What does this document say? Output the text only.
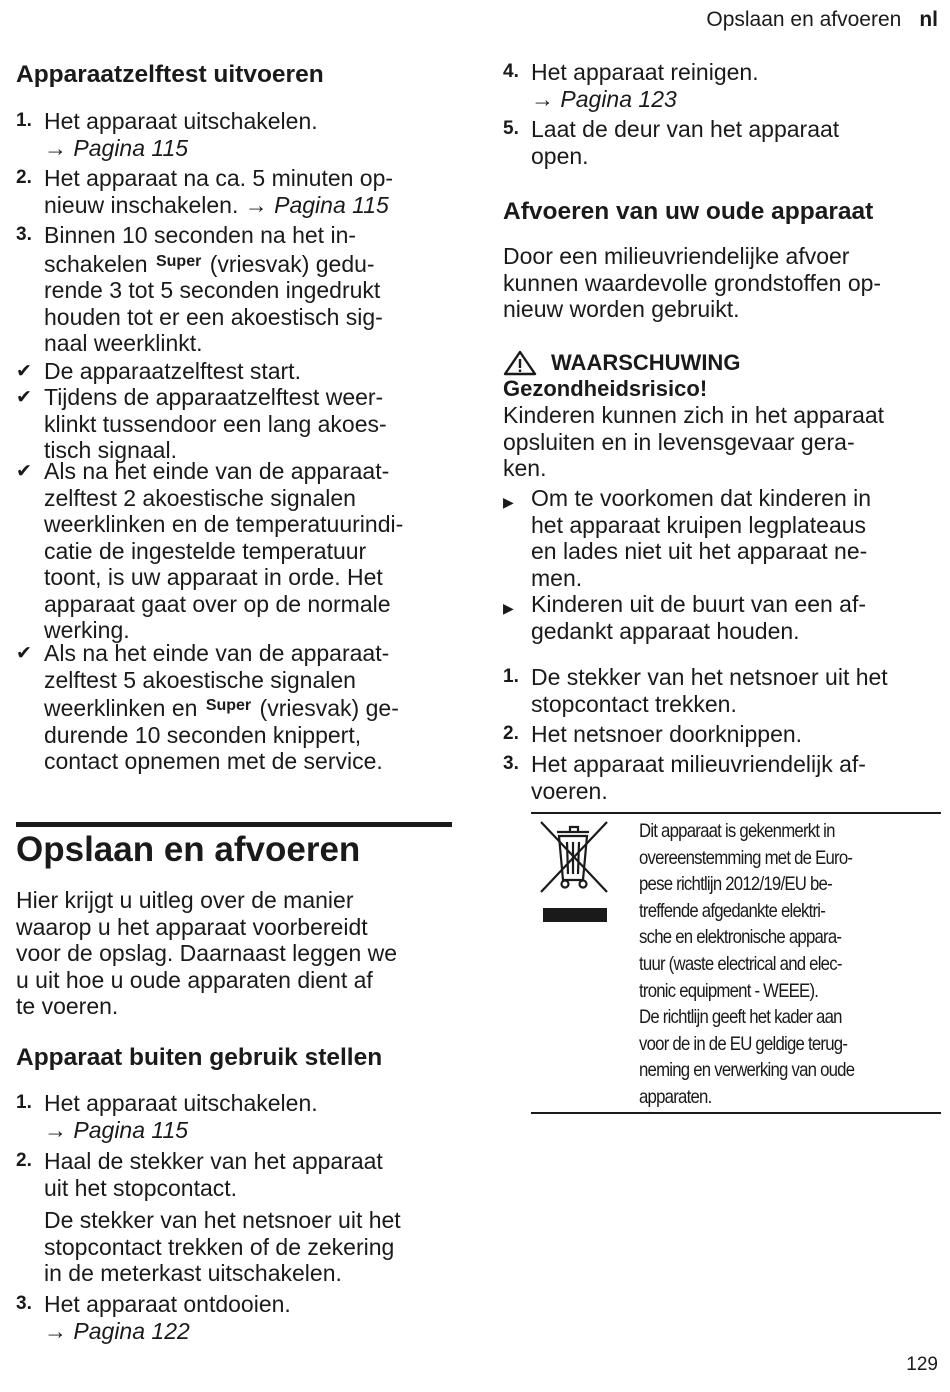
Opslaan en afvoeren nl
Apparaatzelftest uitvoeren
1. Het apparaat uitschakelen.
→ Pagina 115
2. Het apparaat na ca. 5 minuten op-
nieuw inschakelen. → Pagina 115
3. Binnen 10 seconden na het in-
schakelen $^{Super}$ (vriesvak) gedu-
rende 3 tot 5 seconden ingedrukt
houden tot er een akoestisch sig-
naal weerklinkt.
✔ De apparaatzelftest start.
✔ Tijdens de apparaatzelftest weer-
klinkt tussendoor een lang akoes-
tisch signaal.
✔ Als na het einde van de apparaat-
zelftest 2 akoestische signalen
weerklinken en de temperatuurindi-
catie de ingestelde temperatuur
toont, is uw apparaat in orde. Het
apparaat gaat over op de normale
werking.
✔ Als na het einde van de apparaat-
zelftest 5 akoestische signalen
weerklinken en $^{Super}$ (vriesvak) ge-
durende 10 seconden knippert,
contact opnemen met de service.
Opslaan en afvoeren
Hier krijgt u uitleg over de manier
waarop u het apparaat voorbereidt
voor de opslag. Daarnaast leggen we
u uit hoe u oude apparaten dient af
te voeren.
Apparaat buiten gebruik stellen
1. Het apparaat uitschakelen.
→ Pagina 115
2. Haal de stekker van het apparaat
uit het stopcontact.
De stekker van het netsnoer uit het
stopcontact trekken of de zekering
in de meterkast uitschakelen.
3. Het apparaat ontdooien.
→ Pagina 122
4. Het apparaat reinigen.
→ Pagina 123
5. Laat de deur van het apparaat
open.
Afvoeren van uw oude apparaat
Door een milieuvriendelijke afvoer
kunnen waardevolle grondstoffen op-
nieuw worden gebruikt.
WAARSCHUWING
Gezondheidsrisico!
Kinderen kunnen zich in het apparaat
opsluiten en in levensgevaar gera-
ken.
▶ Om te voorkomen dat kinderen in
het apparaat kruipen legplateaus
en lades niet uit het apparaat ne-
men.
▶ Kinderen uit de buurt van een af-
gedankt apparaat houden.
1. De stekker van het netsnoer uit het
stopcontact trekken.
2. Het netsnoer doorknippen.
3. Het apparaat milieuvriendelijk af-
voeren.
Dit apparaat is gekenmerkt in
overeenstemming met de Euro-
pese richtlijn 2012/19/EU be-
treffende afgedankte elektri-
sche en elektronische appara-
tuur (waste electrical and elec-
tronic equipment - WEEE).
De richtlijn geeft het kader aan
voor de in de EU geldige terug-
neming en verwerking van oude
apparaten.
129
